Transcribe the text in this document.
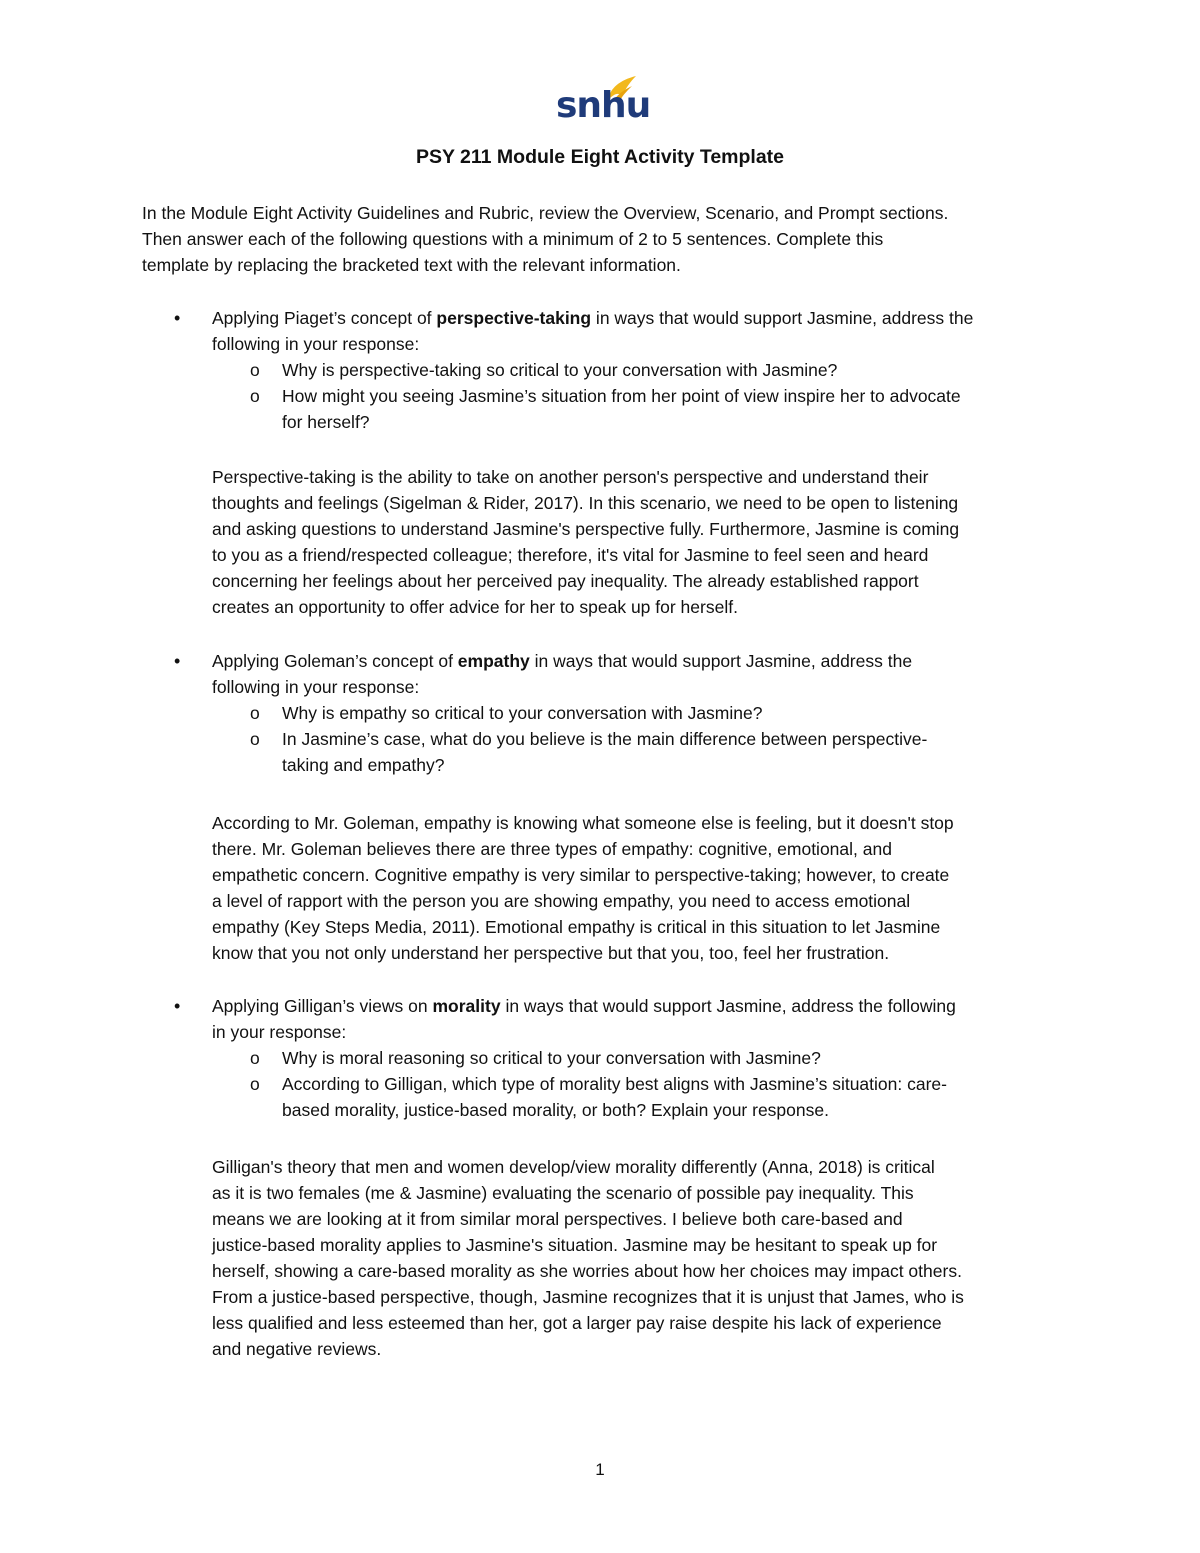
snhu
PSY 211 Module Eight Activity Template

In the Module Eight Activity Guidelines and Rubric, review the Overview, Scenario, and Prompt sections.

Then answer each of the following questions with a minimum of 2 to 5 sentences. Complete this

template by replacing the bracketed text with the relevant information.

• Applying Piaget’s concept of perspective-taking in ways that would support Jasmine, address the
following in your response:
o Why is perspective-taking so critical to your conversation with Jasmine?
o How might you seeing Jasmine’s situation from her point of view inspire her to advocate
for herself?

Perspective-taking is the ability to take on another person's perspective and understand their

thoughts and feelings (Sigelman & Rider, 2017). In this scenario, we need to be open to listening

and asking questions to understand Jasmine's perspective fully. Furthermore, Jasmine is coming

to you as a friend/respected colleague; therefore, it's vital for Jasmine to feel seen and heard

concerning her feelings about her perceived pay inequality. The already established rapport

creates an opportunity to offer advice for her to speak up for herself.

• Applying Goleman’s concept of empathy in ways that would support Jasmine, address the
following in your response:
o Why is empathy so critical to your conversation with Jasmine?
o In Jasmine’s case, what do you believe is the main difference between perspective-
taking and empathy?

According to Mr. Goleman, empathy is knowing what someone else is feeling, but it doesn't stop

there. Mr. Goleman believes there are three types of empathy: cognitive, emotional, and

empathetic concern. Cognitive empathy is very similar to perspective-taking; however, to create

a level of rapport with the person you are showing empathy, you need to access emotional

empathy (Key Steps Media, 2011). Emotional empathy is critical in this situation to let Jasmine

know that you not only understand her perspective but that you, too, feel her frustration.

• Applying Gilligan’s views on morality in ways that would support Jasmine, address the following
in your response:
o Why is moral reasoning so critical to your conversation with Jasmine?
o According to Gilligan, which type of morality best aligns with Jasmine’s situation: care-
based morality, justice-based morality, or both? Explain your response.

Gilligan's theory that men and women develop/view morality differently (Anna, 2018) is critical

as it is two females (me & Jasmine) evaluating the scenario of possible pay inequality. This

means we are looking at it from similar moral perspectives. I believe both care-based and

justice-based morality applies to Jasmine's situation. Jasmine may be hesitant to speak up for

herself, showing a care-based morality as she worries about how her choices may impact others.

From a justice-based perspective, though, Jasmine recognizes that it is unjust that James, who is

less qualified and less esteemed than her, got a larger pay raise despite his lack of experience

and negative reviews.

1
